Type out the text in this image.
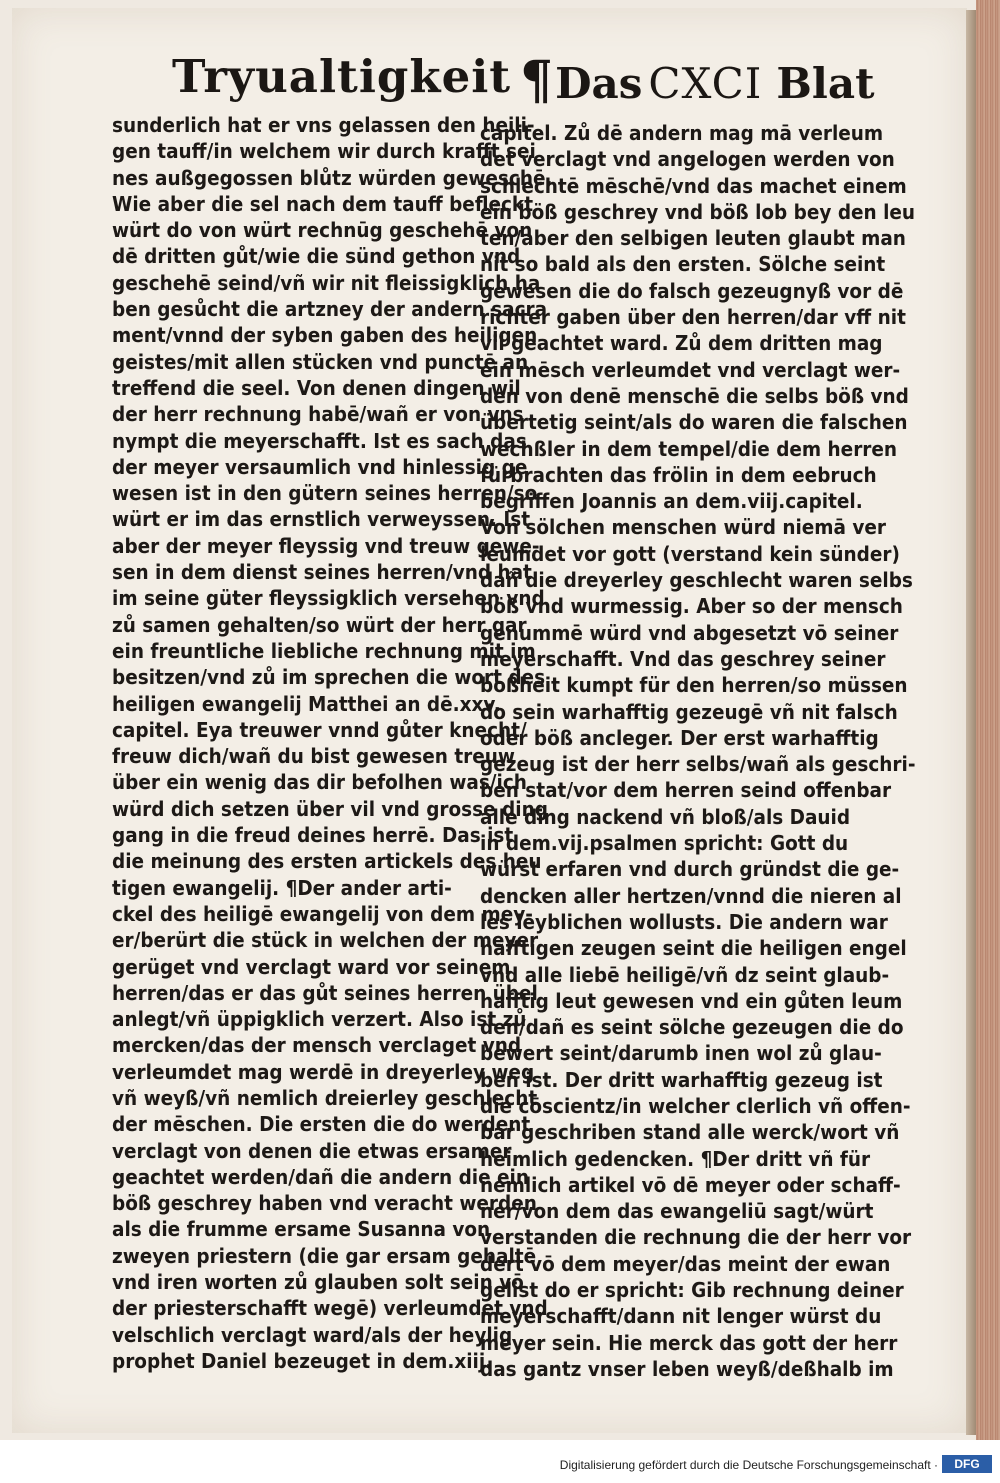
Tryualtigkeit ¶Das CXCI Blat
sunderlich hat er vns gelassen den heili-
gen tauff/in welchem wir durch krafft sei
nes außgegossen blůtz würden geweschē.
Wie aber die sel nach dem tauff befleckt
würt do von würt rechnūg geschehē von
dē dritten gůt/wie die sünd gethon vnd
geschehē seind/vñ wir nit fleissigklich ha
ben gesůcht die artzney der andern sacra
ment/vnnd der syben gaben des heiligen
geistes/mit allen stücken vnd punctē an
treffend die seel. Von denen dingen wil
der herr rechnung habē/wañ er von vns
nympt die meyerschafft. Ist es sach das
der meyer versaumlich vnd hinlessig ge
wesen ist in den gütern seines herren/so
würt er im das ernstlich verweyssen. Ist
aber der meyer fleyssig vnd treuw gewe-
sen in dem dienst seines herren/vnd hat
im seine güter fleyssigklich versehen vnd
zů samen gehalten/so würt der herr gar
ein freuntliche liebliche rechnung mit im
besitzen/vnd zů im sprechen die wort des
heiligen ewangelij Matthei an dē.xxv.
capitel. Eya treuwer vnnd gůter knecht/
freuw dich/wañ du bist gewesen treuw
über ein wenig das dir befolhen was/ich
würd dich setzen über vil vnd grosse ding
gang in die freud deines herrē. Das ist
die meinung des ersten artickels des heu
tigen ewangelij. ¶Der ander arti-
ckel des heiligē ewangelij von dem mey-
er/berürt die stück in welchen der meyer
gerüget vnd verclagt ward vor seinem
herren/das er das gůt seines herren übel
anlegt/vñ üppigklich verzert. Also ist zů
mercken/das der mensch verclaget vnd
verleumdet mag werdē in dreyerley weg
vñ weyß/vñ nemlich dreierley geschlecht
der mēschen. Die ersten die do werdent
verclagt von denen die etwas ersamer
geachtet werden/dañ die andern die ein
böß geschrey haben vnd veracht werden
als die frumme ersame Susanna von
zweyen priestern (die gar ersam gehaltē
vnd iren worten zů glauben solt sein vō
der priesterschafft wegē) verleumdet vnd
velschlich verclagt ward/als der heylig
prophet Daniel bezeuget in dem.xiij.
capitel. Zů dē andern mag mā verleum
det verclagt vnd angelogen werden von
schlechtē mēschē/vnd das machet einem
ein böß geschrey vnd böß lob bey den leu
ten/aber den selbigen leuten glaubt man
nit so bald als den ersten. Sölche seint
gewesen die do falsch gezeugnyß vor dē
richter gaben über den herren/dar vff nit
vil geachtet ward. Zů dem dritten mag
ein mēsch verleumdet vnd verclagt wer-
den von denē menschē die selbs böß vnd
übertetig seint/als do waren die falschen
wechßler in dem tempel/die dem herren
fürbrachten das frölin in dem eebruch
begriffen Joannis an dem.viij.capitel.
Von sölchen menschen würd niemā ver
leumdet vor gott (verstand kein sünder)
dañ die dreyerley geschlecht waren selbs
böß vnd wurmessig. Aber so der mensch
genummē würd vnd abgesetzt vō seiner
meyerschafft. Vnd das geschrey seiner
boßheit kumpt für den herren/so müssen
do sein warhafftig gezeugē vñ nit falsch
oder böß ancleger. Der erst warhafftig
gezeug ist der herr selbs/wañ als geschri-
ben stat/vor dem herren seind offenbar
alle ding nackend vñ bloß/als Dauid
in dem.vij.psalmen spricht: Gott du
würst erfaren vnd durch gründst die ge-
dencken aller hertzen/vnnd die nieren al
les leyblichen wollusts. Die andern war
hafftigen zeugen seint die heiligen engel
vnd alle liebē heiligē/vñ dz seint glaub-
hafftig leut gewesen vnd ein gůten leum
den/dañ es seint sölche gezeugen die do
bewert seint/darumb inen wol zů glau-
ben ist. Der dritt warhafftig gezeug ist
die cōscientz/in welcher clerlich vñ offen-
bar geschriben stand alle werck/wort vñ
heimlich gedencken. ¶Der dritt vñ für
nemlich artikel vō dē meyer oder schaff-
ner/von dem das ewangeliū sagt/würt
verstanden die rechnung die der herr vor
dert vō dem meyer/das meint der ewan
gelist do er spricht: Gib rechnung deiner
meyerschafft/dann nit lenger würst du
meyer sein. Hie merck das gott der herr
das gantz vnser leben weyß/deßhalb im
Digitalisierung gefördert durch die Deutsche Forschungsgemeinschaft ·	DFG
